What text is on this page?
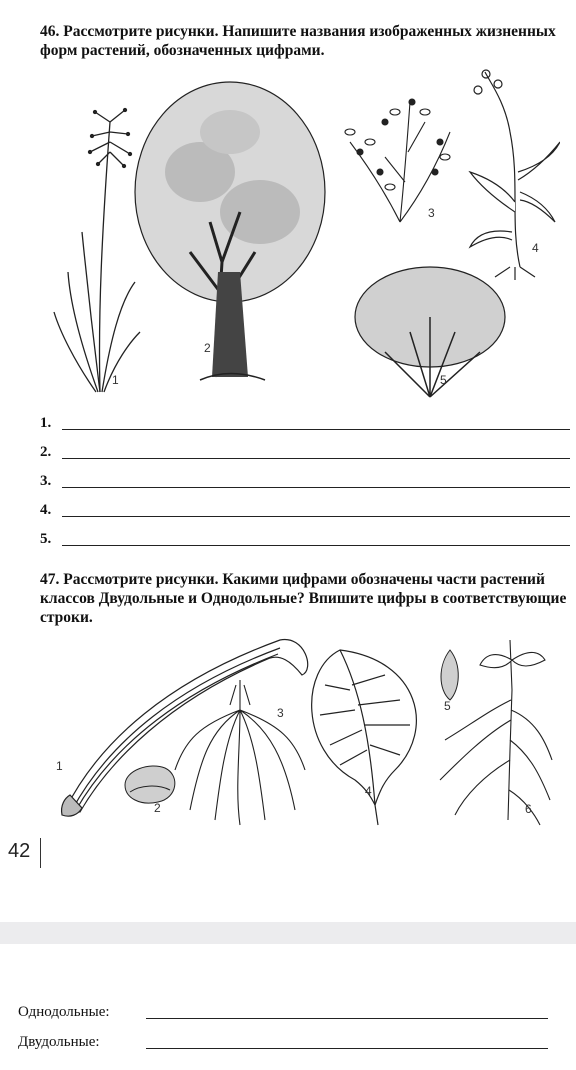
46. Рассмотрите рисунки. Напишите названия изображенных жизненных форм растений, обозначенных цифрами.
1
2
3
4
5
1.
2.
3.
4.
5.
47. Рассмотрите рисунки. Какими цифрами обозначены части растений классов Двудольные и Однодольные? Впишите цифры в соответствующие строки.
1
2
3
4
5
6
42
Однодольные:
Двудольные:
